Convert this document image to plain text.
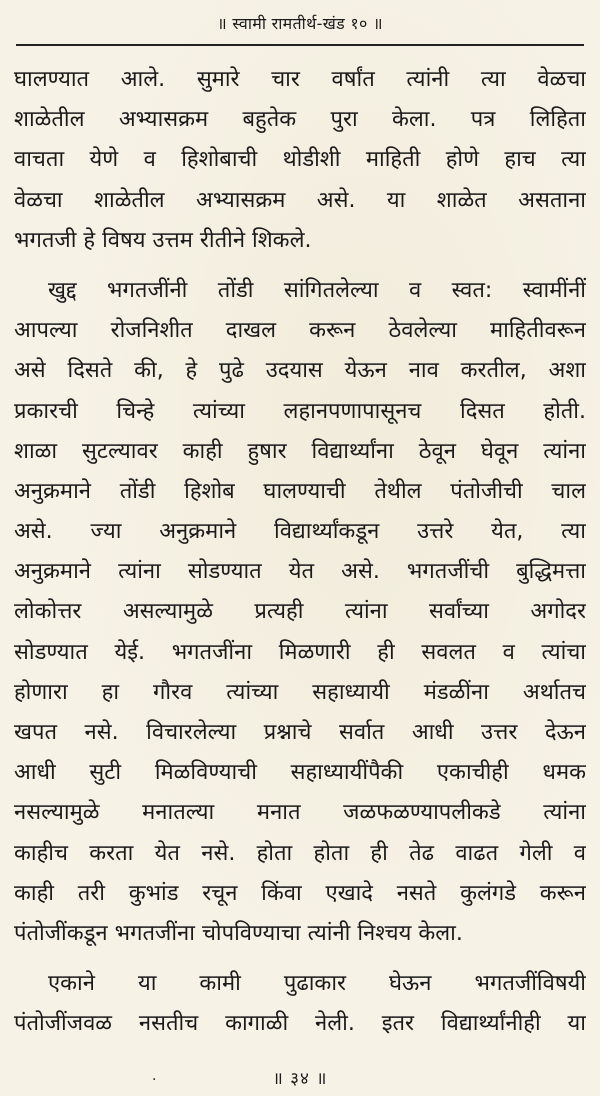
॥ स्वामी रामतीर्थ-खंड १० ॥
घालण्यात आले. सुमारे चार वर्षांत त्यांनी त्या वेळचा
शाळेतील अभ्यासक्रम बहुतेक पुरा केला. पत्र लिहिता
वाचता येणे व हिशोबाची थोडीशी माहिती होणे हाच त्या
वेळचा शाळेतील अभ्यासक्रम असे. या शाळेत असताना
भगतजी हे विषय उत्तम रीतीने शिकले.
खुद्द भगतजींनी तोंडी सांगितलेल्या व स्वत: स्वामींनीं
आपल्या रोजनिशीत दाखल करून ठेवलेल्या माहितीवरून
असे दिसते की, हे पुढे उदयास येऊन नाव करतील, अशा
प्रकारची चिन्हे त्यांच्या लहानपणापासूनच दिसत होती.
शाळा सुटल्यावर काही हुषार विद्यार्थ्यांना ठेवून घेवून त्यांना
अनुक्रमाने तोंडी हिशोब घालण्याची तेथील पंतोजीची चाल
असे. ज्या अनुक्रमाने विद्यार्थ्यांकडून उत्तरे येत, त्या
अनुक्रमाने त्यांना सोडण्यात येत असे. भगतजींची बुद्धिमत्ता
लोकोत्तर असल्यामुळे प्रत्यही त्यांना सर्वांच्या अगोदर
सोडण्यात येई. भगतजींना मिळणारी ही सवलत व त्यांचा
होणारा हा गौरव त्यांच्या सहाध्यायी मंडळींना अर्थातच
खपत नसे. विचारलेल्या प्रश्नाचे सर्वात आधी उत्तर देऊन
आधी सुटी मिळविण्याची सहाध्यायींपैकी एकाचीही धमक
नसल्यामुळे मनातल्या मनात जळफळण्यापलीकडे त्यांना
काहीच करता येत नसे. होता होता ही तेढ वाढत गेली व
काही तरी कुभांड रचून किंवा एखादे नसते कुलंगडे करून
पंतोजींकडून भगतजींना चोपविण्याचा त्यांनी निश्चय केला.
एकाने या कामी पुढाकार घेऊन भगतजींविषयी
पंतोजींजवळ नसतीच कागाळी नेली. इतर विद्यार्थ्यांनीही या
.	॥ ३४ ॥
